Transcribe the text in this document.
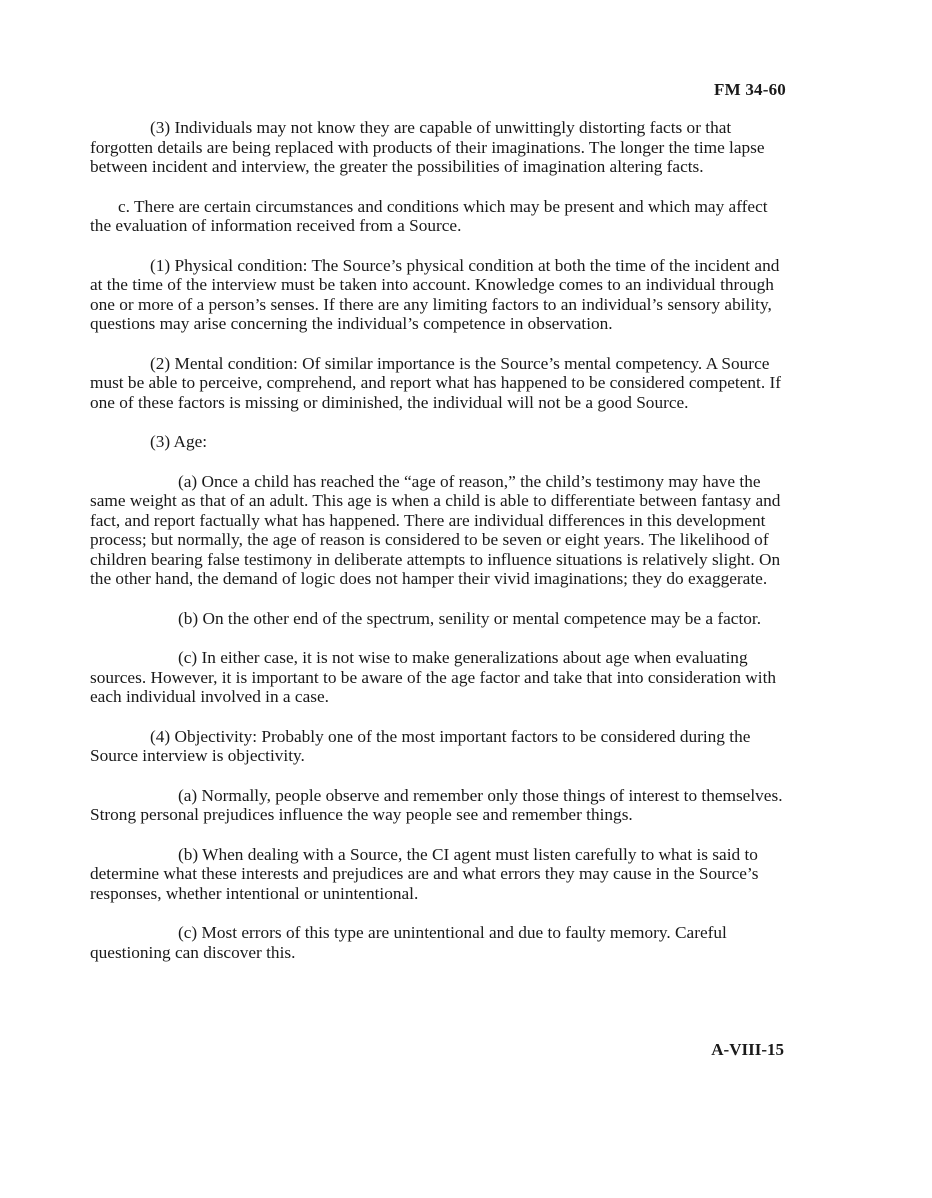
FM 34-60

(3) Individuals may not know they are capable of unwittingly distorting facts or that forgotten details are being replaced with products of their imaginations. The longer the time lapse between incident and interview, the greater the possibilities of imagination altering facts.

c. There are certain circumstances and conditions which may be present and which may affect the evaluation of information received from a Source.

(1) Physical condition: The Source’s physical condition at both the time of the incident and at the time of the interview must be taken into account. Knowledge comes to an individual through one or more of a person’s senses. If there are any limiting factors to an individual’s sensory ability, questions may arise concerning the individual’s competence in observation.

(2) Mental condition: Of similar importance is the Source’s mental competency. A Source must be able to perceive, comprehend, and report what has happened to be considered competent. If one of these factors is missing or diminished, the individual will not be a good Source.

(3) Age:

(a) Once a child has reached the “age of reason,” the child’s testimony may have the same weight as that of an adult. This age is when a child is able to differentiate between fantasy and fact, and report factually what has happened. There are individual differences in this development process; but normally, the age of reason is considered to be seven or eight years. The likelihood of children bearing false testimony in deliberate attempts to influence situations is relatively slight. On the other hand, the demand of logic does not hamper their vivid imaginations; they do exaggerate.

(b) On the other end of the spectrum, senility or mental competence may be a factor.

(c) In either case, it is not wise to make generalizations about age when evaluating sources. However, it is important to be aware of the age factor and take that into consideration with each individual involved in a case.

(4) Objectivity: Probably one of the most important factors to be considered during the Source interview is objectivity.

(a) Normally, people observe and remember only those things of interest to themselves. Strong personal prejudices influence the way people see and remember things.

(b) When dealing with a Source, the CI agent must listen carefully to what is said to determine what these interests and prejudices are and what errors they may cause in the Source’s responses, whether intentional or unintentional.

(c) Most errors of this type are unintentional and due to faulty memory. Careful questioning can discover this.

A-VIII-15
